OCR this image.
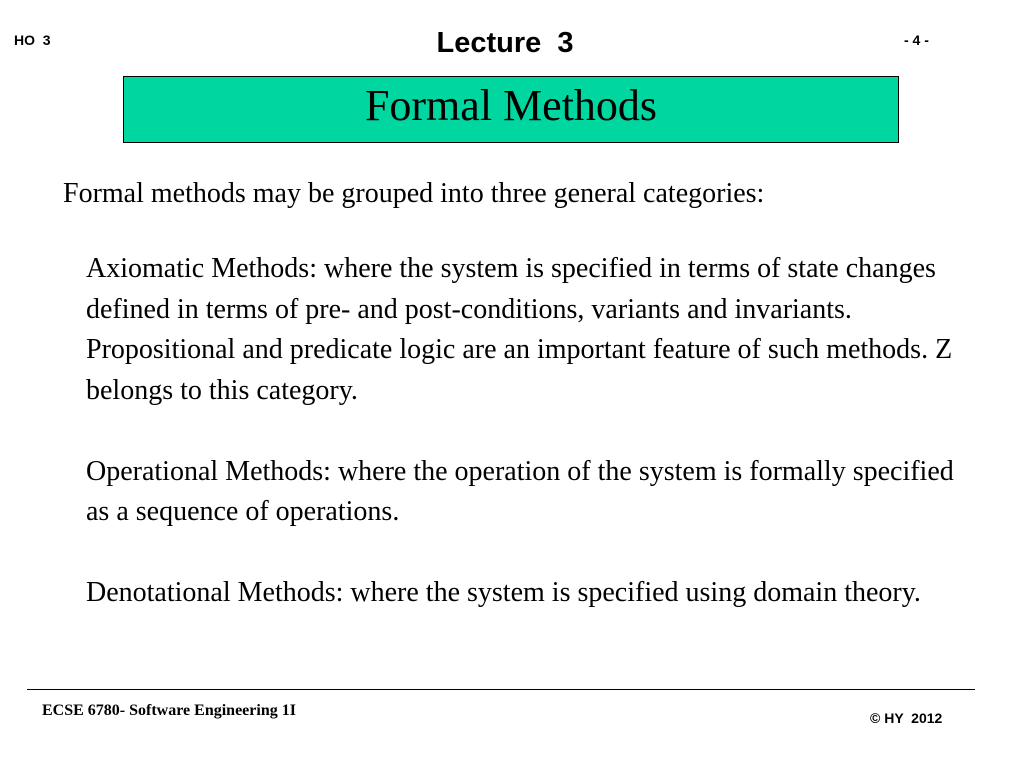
HO  3	Lecture  3	- 4 -
Formal Methods
Formal methods may be grouped into three general categories:

Axiomatic Methods: where the system is specified in terms of state changes defined in terms of pre- and post-conditions, variants and invariants. Propositional and predicate logic are an important feature of such methods. Z belongs to this category.

Operational Methods: where the operation of the system is formally specified as a sequence of operations.

Denotational Methods: where the system is specified using domain theory.

ECSE 6780- Software Engineering 1I	© HY  2012
